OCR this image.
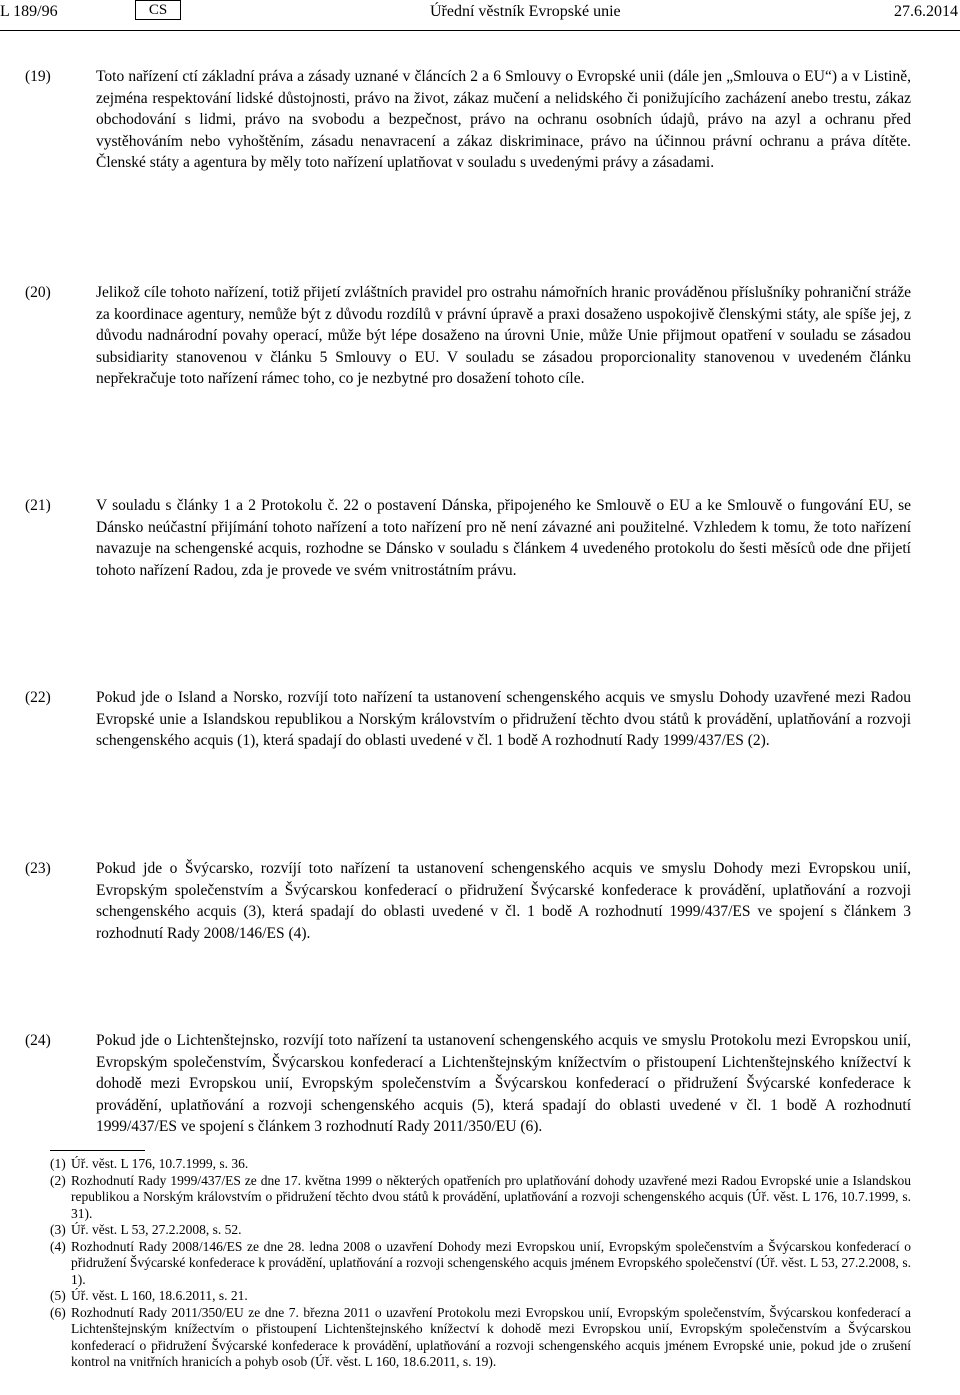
L 189/96	CS	Úřední věstník Evropské unie	27.6.2014
(19)	Toto nařízení ctí základní práva a zásady uznané v článcích 2 a 6 Smlouvy o Evropské unii (dále jen „Smlouva o EU“) a v Listině, zejména respektování lidské důstojnosti, právo na život, zákaz mučení a nelidského či ponižujícího zacházení anebo trestu, zákaz obchodování s lidmi, právo na svobodu a bezpečnost, právo na ochranu osobních údajů, právo na azyl a ochranu před vystěhováním nebo vyhoštěním, zásadu nenavracení a zákaz diskriminace, právo na účinnou právní ochranu a práva dítěte. Členské státy a agentura by měly toto nařízení uplatňovat v souladu s uvedenými právy a zásadami.
(20)	Jelikož cíle tohoto nařízení, totiž přijetí zvláštních pravidel pro ostrahu námořních hranic prováděnou příslušníky pohraniční stráže za koordinace agentury, nemůže být z důvodu rozdílů v právní úpravě a praxi dosaženo uspokojivě členskými státy, ale spíše jej, z důvodu nadnárodní povahy operací, může být lépe dosaženo na úrovni Unie, může Unie přijmout opatření v souladu se zásadou subsidiarity stanovenou v článku 5 Smlouvy o EU. V souladu se zásadou proporcionality stanovenou v uvedeném článku nepřekračuje toto nařízení rámec toho, co je nezbytné pro dosažení tohoto cíle.
(21)	V souladu s články 1 a 2 Protokolu č. 22 o postavení Dánska, připojeného ke Smlouvě o EU a ke Smlouvě o fungování EU, se Dánsko neúčastní přijímání tohoto nařízení a toto nařízení pro ně není závazné ani použitelné. Vzhledem k tomu, že toto nařízení navazuje na schengenské acquis, rozhodne se Dánsko v souladu s článkem 4 uvedeného protokolu do šesti měsíců ode dne přijetí tohoto nařízení Radou, zda je provede ve svém vnitrostátním právu.
(22)	Pokud jde o Island a Norsko, rozvíjí toto nařízení ta ustanovení schengenského acquis ve smyslu Dohody uzavřené mezi Radou Evropské unie a Islandskou republikou a Norským královstvím o přidružení těchto dvou států k provádění, uplatňování a rozvoji schengenského acquis (1), která spadají do oblasti uvedené v čl. 1 bodě A rozhodnutí Rady 1999/437/ES (2).
(23)	Pokud jde o Švýcarsko, rozvíjí toto nařízení ta ustanovení schengenského acquis ve smyslu Dohody mezi Evropskou unií, Evropským společenstvím a Švýcarskou konfederací o přidružení Švýcarské konfederace k provádění, uplatňování a rozvoji schengenského acquis (3), která spadají do oblasti uvedené v čl. 1 bodě A rozhodnutí 1999/437/ES ve spojení s článkem 3 rozhodnutí Rady 2008/146/ES (4).
(24)	Pokud jde o Lichtenštejnsko, rozvíjí toto nařízení ta ustanovení schengenského acquis ve smyslu Protokolu mezi Evropskou unií, Evropským společenstvím, Švýcarskou konfederací a Lichtenštejnským knížectvím o přistoupení Lichtenštejnského knížectví k dohodě mezi Evropskou unií, Evropským společenstvím a Švýcarskou konfederací o přidružení Švýcarské konfederace k provádění, uplatňování a rozvoji schengenského acquis (5), která spadají do oblasti uvedené v čl. 1 bodě A rozhodnutí 1999/437/ES ve spojení s článkem 3 rozhodnutí Rady 2011/350/EU (6).
(1) Úř. věst. L 176, 10.7.1999, s. 36.
(2) Rozhodnutí Rady 1999/437/ES ze dne 17. května 1999 o některých opatřeních pro uplatňování dohody uzavřené mezi Radou Evropské unie a Islandskou republikou a Norským královstvím o přidružení těchto dvou států k provádění, uplatňování a rozvoji schengenského acquis (Úř. věst. L 176, 10.7.1999, s. 31).
(3) Úř. věst. L 53, 27.2.2008, s. 52.
(4) Rozhodnutí Rady 2008/146/ES ze dne 28. ledna 2008 o uzavření Dohody mezi Evropskou unií, Evropským společenstvím a Švýcarskou konfederací o přidružení Švýcarské konfederace k provádění, uplatňování a rozvoji schengenského acquis jménem Evropského společenství (Úř. věst. L 53, 27.2.2008, s. 1).
(5) Úř. věst. L 160, 18.6.2011, s. 21.
(6) Rozhodnutí Rady 2011/350/EU ze dne 7. března 2011 o uzavření Protokolu mezi Evropskou unií, Evropským společenstvím, Švýcarskou konfederací a Lichtenštejnským knížectvím o přistoupení Lichtenštejnského knížectví k dohodě mezi Evropskou unií, Evropským společenstvím a Švýcarskou konfederací o přidružení Švýcarské konfederace k provádění, uplatňování a rozvoji schengenského acquis jménem Evropské unie, pokud jde o zrušení kontrol na vnitřních hranicích a pohyb osob (Úř. věst. L 160, 18.6.2011, s. 19).
